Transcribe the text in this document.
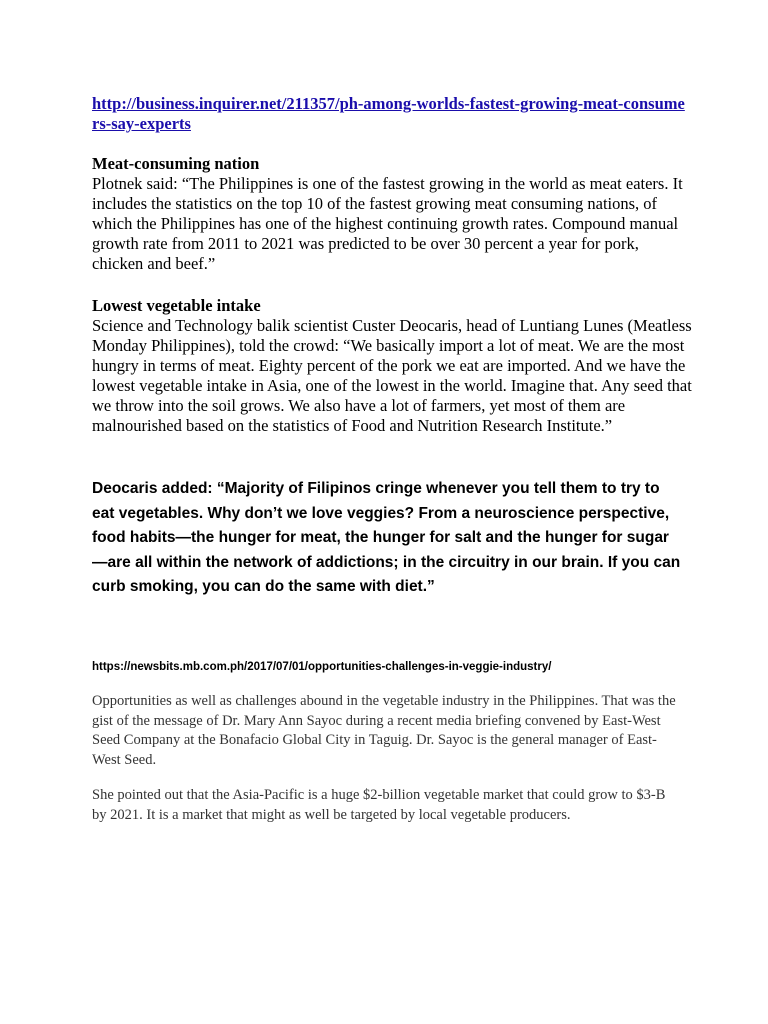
http://business.inquirer.net/211357/ph-among-worlds-fastest-growing-meat-consumers-say-experts
Meat-consuming nation

Plotnek said: “The Philippines is one of the fastest growing in the world as meat eaters. It includes the statistics on the top 10 of the fastest growing meat consuming nations, of which the Philippines has one of the highest continuing growth rates. Compound manual growth rate from 2011 to 2021 was predicted to be over 30 percent a year for pork, chicken and beef.”

Lowest vegetable intake

Science and Technology balik scientist Custer Deocaris, head of Luntiang Lunes (Meatless Monday Philippines), told the crowd: “We basically import a lot of meat. We are the most hungry in terms of meat. Eighty percent of the pork we eat are imported. And we have the lowest vegetable intake in Asia, one of the lowest in the world. Imagine that. Any seed that we throw into the soil grows. We also have a lot of farmers, yet most of them are malnourished based on the statistics of Food and Nutrition Research Institute.”

Deocaris added: “Majority of Filipinos cringe whenever you tell them to try to eat vegetables. Why don’t we love veggies? From a neuroscience perspective, food habits—the hunger for meat, the hunger for salt and the hunger for sugar—are all within the network of addictions; in the circuitry in our brain. If you can curb smoking, you can do the same with diet.”
https://newsbits.mb.com.ph/2017/07/01/opportunities-challenges-in-veggie-industry/
Opportunities as well as challenges abound in the vegetable industry in the Philippines. That was the gist of the message of Dr. Mary Ann Sayoc during a recent media briefing convened by East-West Seed Company at the Bonafacio Global City in Taguig. Dr. Sayoc is the general manager of East-West Seed.
She pointed out that the Asia-Pacific is a huge $2-billion vegetable market that could grow to $3-B by 2021. It is a market that might as well be targeted by local vegetable producers.
